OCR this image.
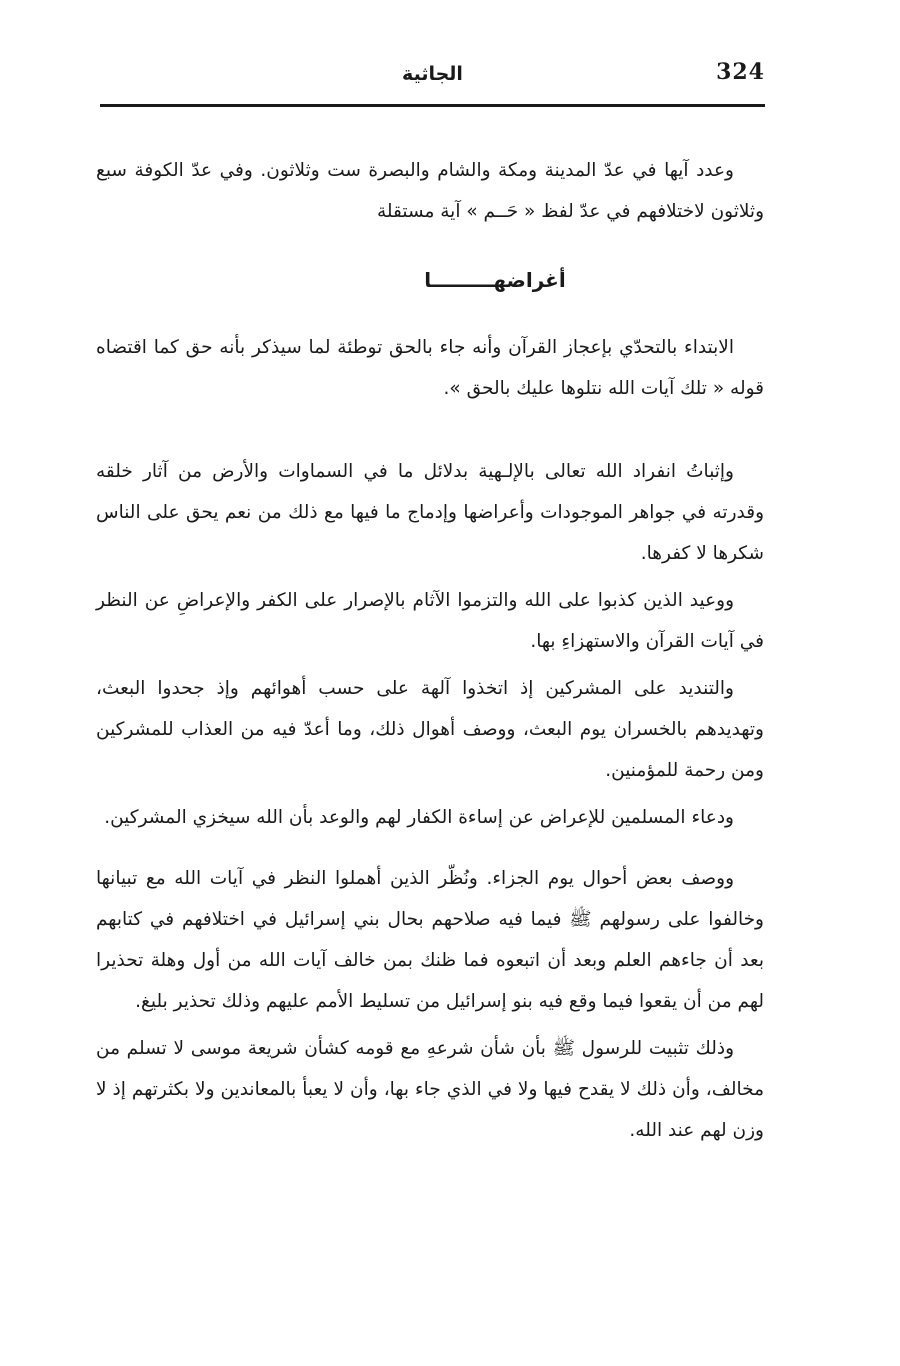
324
الجاثية

وعدد آيها في عدّ المدينة ومكة والشام والبصرة ست وثلاثون. وفي عدّ الكوفة سبع وثلاثون لاختلافهم في عدّ لفظ « حَــم » آية مستقلة

أغراضهـــــــــا

الابتداء بالتحدّي بإعجاز القرآن وأنه جاء بالحق توطئة لما سيذكر بأنه حق كما اقتضاه قوله « تلك آيات الله نتلوها عليك بالحق ».

وإثباتُ انفراد الله تعالى بالإلـهية بدلائل ما في السماوات والأرض من آثار خلقه وقدرته في جواهر الموجودات وأعراضها وإدماج ما فيها مع ذلك من نعم يحق على الناس شكرها لا كفرها.

ووعيد الذين كذبوا على الله والتزموا الآثام بالإصرار على الكفر والإعراضِ عن النظر في آيات القرآن والاستهزاءِ بها.

والتنديد على المشركين إذ اتخذوا آلهة على حسب أهوائهم وإذ جحدوا البعث، وتهديدهم بالخسران يوم البعث، ووصف أهوال ذلك، وما أعدّ فيه من العذاب للمشركين ومن رحمة للمؤمنين.

ودعاء المسلمين للإعراض عن إساءة الكفار لهم والوعد بأن الله سيخزي المشركين.

ووصف بعض أحوال يوم الجزاء. ونُظّر الذين أهملوا النظر في آيات الله مع تبيانها وخالفوا على رسولهم ﷺ فيما فيه صلاحهم بحال بني إسرائيل في اختلافهم في كتابهم بعد أن جاءهم العلم وبعد أن اتبعوه فما ظنك بمن خالف آيات الله من أول وهلة تحذيرا لهم من أن يقعوا فيما وقع فيه بنو إسرائيل من تسليط الأمم عليهم وذلك تحذير بليغ.

وذلك تثبيت للرسول ﷺ بأن شأن شرعهِ مع قومه كشأن شريعة موسى لا تسلم من مخالف، وأن ذلك لا يقدح فيها ولا في الذي جاء بها، وأن لا يعبأ بالمعاندين ولا بكثرتهم إذ لا وزن لهم عند الله.
